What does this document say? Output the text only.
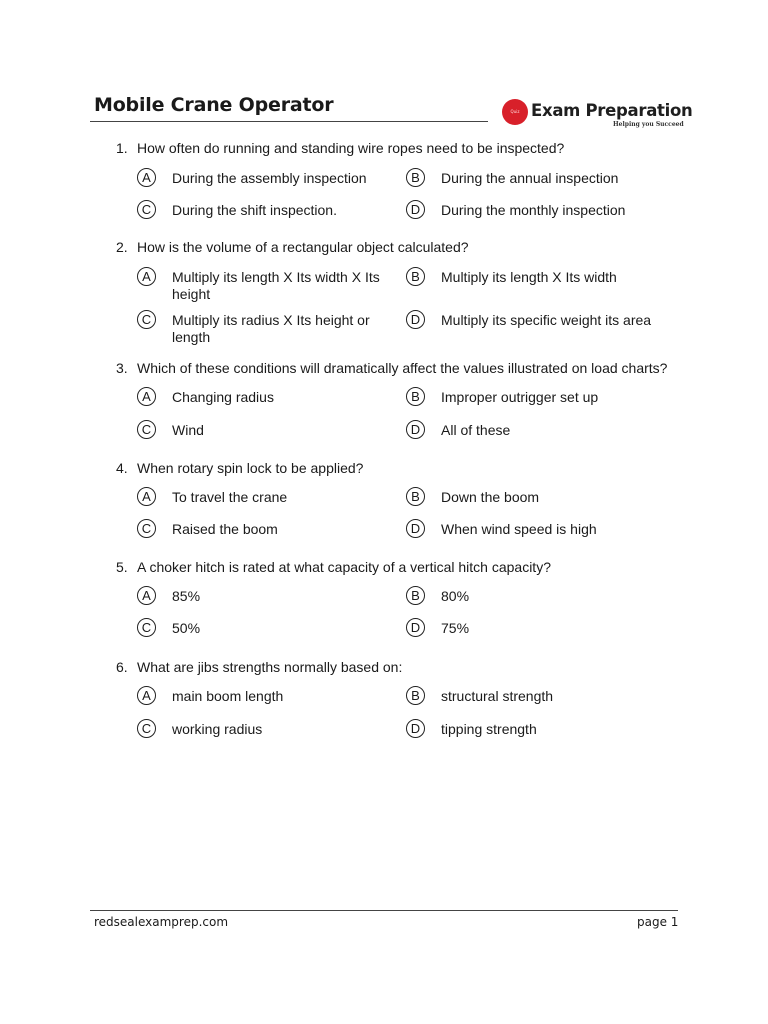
Mobile Crane Operator	Quiz Exam Preparation
Helping you Succeed
1. How often do running and standing wire ropes need to be inspected?
A	During the assembly inspection	B	During the annual inspection
C	During the shift inspection.	D	During the monthly inspection
2. How is the volume of a rectangular object calculated?
A	Multiply its length X Its width X Its height
B	Multiply its length X Its width
C	Multiply its radius X Its height or length
D	Multiply its specific weight its area
3. Which of these conditions will dramatically affect the values illustrated on load charts?
A	Changing radius	B	Improper outrigger set up
C	Wind	D	All of these
4. When rotary spin lock to be applied?
A	To travel the crane	B	Down the boom
C	Raised the boom	D	When wind speed is high
5. A choker hitch is rated at what capacity of a vertical hitch capacity?
A	85%	B	80%
C	50%	D	75%
6. What are jibs strengths normally based on:
A	main boom length	B	structural strength
C	working radius	D	tipping strength
redsealexamprep.com	page 1
